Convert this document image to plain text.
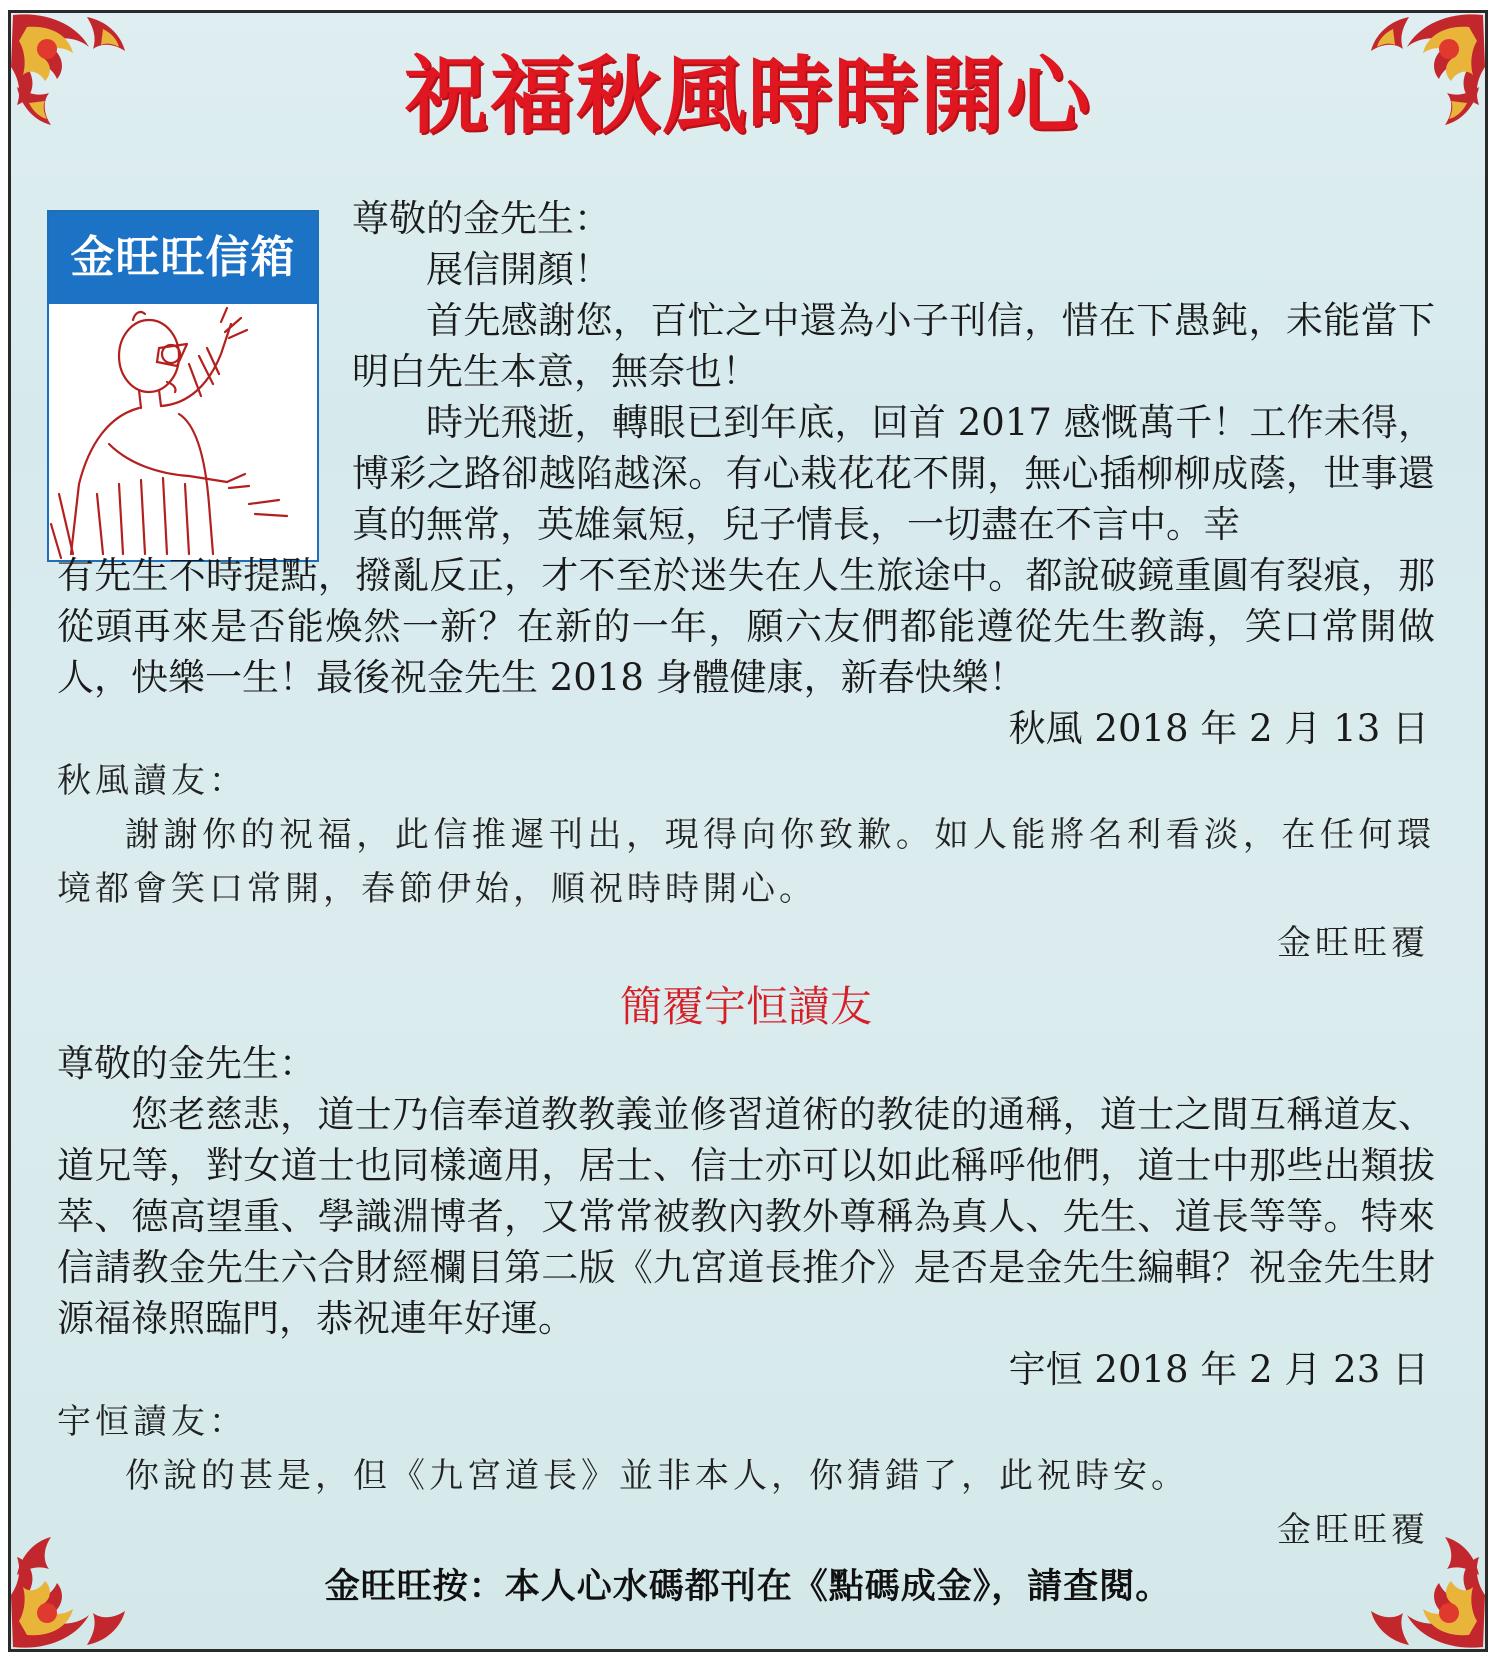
祝福秋風時時開心
金旺旺信箱

尊敬的金先生：

展信開顏！

首先感謝您，百忙之中還為小子刊信，惜在下愚鈍，未能當下明白先生本意，無奈也！

時光飛逝，轉眼已到年底，回首 2017 感慨萬千！工作未得，博彩之路卻越陷越深。有心栽花花不開，無心插柳柳成蔭，世事還真的無常，英雄氣短，兒子情長，一切盡在不言中。幸

有先生不時提點，撥亂反正，才不至於迷失在人生旅途中。都說破鏡重圓有裂痕，那從頭再來是否能煥然一新？在新的一年，願六友們都能遵從先生教誨，笑口常開做人，快樂一生！最後祝金先生 2018 身體健康，新春快樂！

秋風 2018 年 2 月 13 日

秋風讀友：

謝謝你的祝福，此信推遲刊出，現得向你致歉。如人能將名利看淡，在任何環境都會笑口常開，春節伊始，順祝時時開心。

金旺旺覆

簡覆宇恒讀友

尊敬的金先生：

您老慈悲，道士乃信奉道教教義並修習道術的教徒的通稱，道士之間互稱道友、道兄等，對女道士也同樣適用，居士、信士亦可以如此稱呼他們，道士中那些出類拔萃、德高望重、學識淵博者，又常常被教內教外尊稱為真人、先生、道長等等。特來信請教金先生六合財經欄目第二版《九宮道長推介》是否是金先生編輯？祝金先生財源福祿照臨門，恭祝連年好運。

宇恒 2018 年 2 月 23 日

宇恒讀友：

你說的甚是，但《九宮道長》並非本人，你猜錯了，此祝時安。

金旺旺覆

金旺旺按：本人心水碼都刊在《點碼成金》，請查閱。
